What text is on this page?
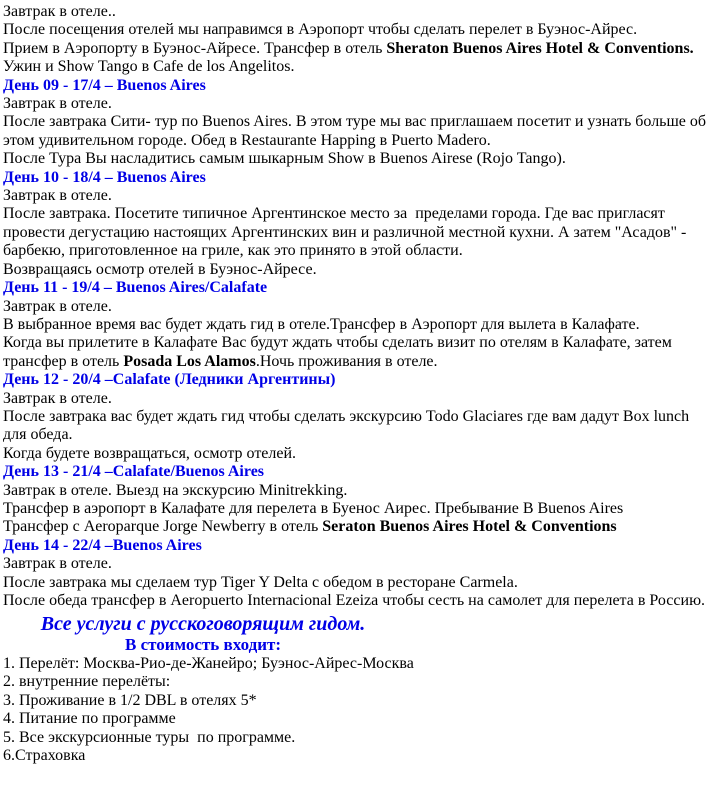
Завтрак в отеле..

После посещения отелей мы направимся в Аэропорт чтобы сделать перелет в Буэнос-Айрес.

Прием в Аэропорту в Буэнос-Айресе. Трансфер в отель Sheraton Buenos Aires Hotel & Conventions.

Ужин и Show Tango в Cafe de los Angelitos.

День 09 - 17/4 – Buenos Aires

Завтрак в отеле.

После завтрака Сити- тур по Buenos Aires. В этом туре мы вас приглашаем посетит и узнать больше об этом удивительном городе. Обед в Restaurante Happing в Puerto Madero.

После Тура Вы насладитись самым шыкарным Show в Buenos Airese (Rojo Tango).

День 10 - 18/4 – Buenos Aires

Завтрак в отеле.

После завтрака. Посетите типичное Аргентинское место за  пределами города. Где вас пригласят провести дегустацию настоящих Аргентинских вин и различной местной кухни. А затем "Асадов" - барбекю, приготовленное на гриле, как это принято в этой области.

Возвращаясь осмотр отелей в Буэнос-Айресе.

День 11 - 19/4 – Buenos Aires/Calafate

Завтрак в отеле.

В выбранное время вас будет ждать гид в отеле.Трансфер в Аэропорт для вылета в Калафате.

Когда вы прилетите в Калафате Вас будут ждать чтобы сделать визит по отелям в Калафате, затем трансфер в отель Posada Los Alamos.Ночь проживания в отеле.

День 12 - 20/4 –Calafate (Ледники Аргентины)

Завтрак в отеле.

После завтрака вас будет ждать гид чтобы сделать экскурсию Todo Glaciares где вам дадут Box lunch для обеда.

Когда будете возвращаться, осмотр отелей.

День 13 - 21/4 –Calafate/Buenos Aires

Завтрак в отеле. Выезд на экскурсию Minitrekking.

Трансфер в аэропорт в Калафате для перелета в Буенос Аирес. Пребывание В Buenos Aires

Трансфер с Aeroparque Jorge Newberry в отель Seraton Buenos Aires Hotel & Conventions

День 14 - 22/4 –Buenos Aires

Завтрак в отеле.

После завтрака мы сделаем тур Tiger Y Delta с обедом в ресторане Carmela.

После обеда трансфер в Aeropuerto Internacional Ezeiza чтобы сесть на самолет для перелета в Россию.

Все услуги с русскоговорящим гидом.

В стоимость входит:

1. Перелёт: Москва-Рио-де-Жанейро; Буэнос-Айрес-Москва

2. внутренние перелёты:

3. Проживание в 1/2 DBL в отелях 5*

4. Питание по программе

5. Все экскурсионные туры  по программе.

6.Страховка
